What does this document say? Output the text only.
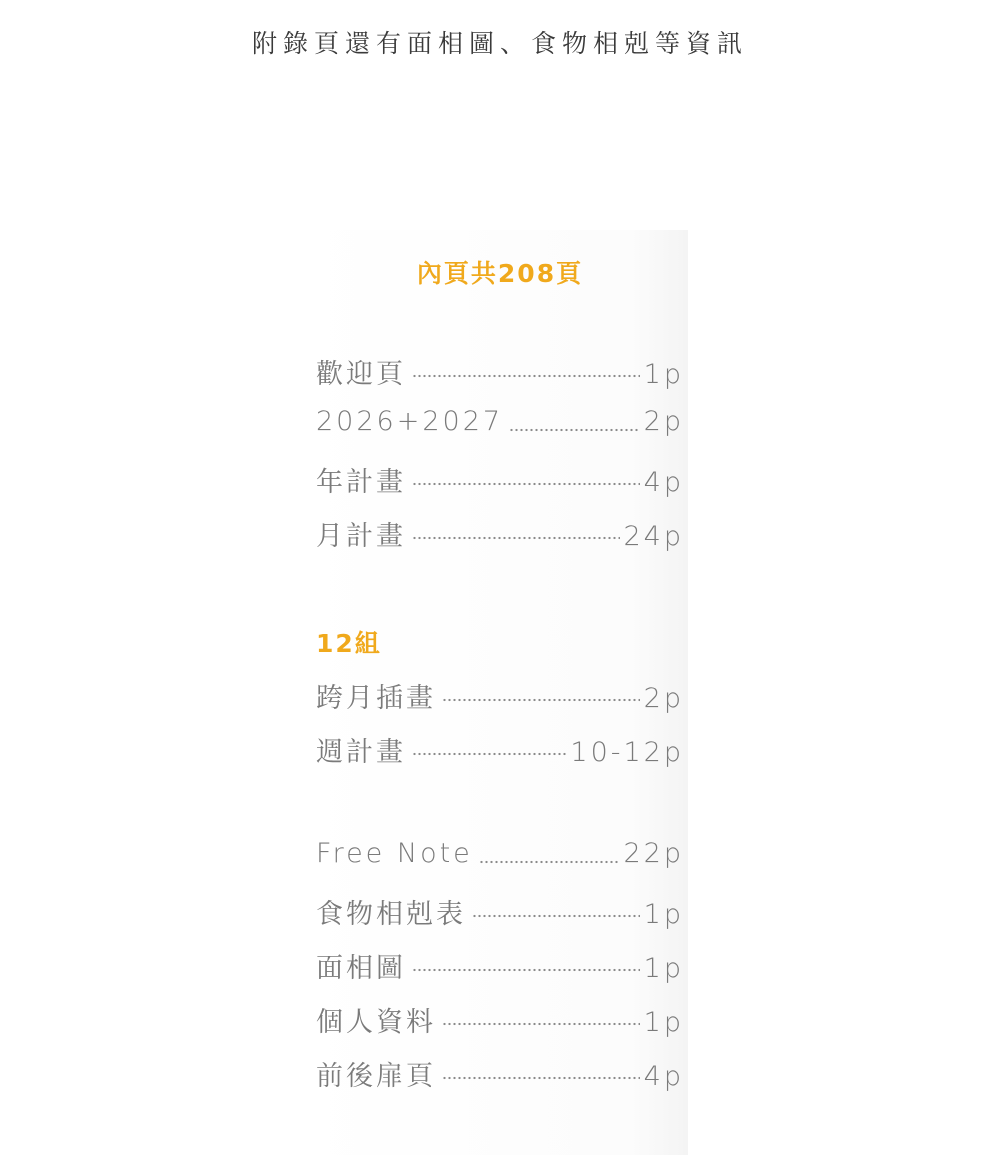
附錄頁還有面相圖、食物相剋等資訊
內頁共208頁
歡迎頁	1p
2026+2027	2p
年計畫	4p
月計畫	24p
12組
跨月插畫	2p
週計畫	10-12p
Free Note	22p
食物相剋表	1p
面相圖	1p
個人資料	1p
前後扉頁	4p
